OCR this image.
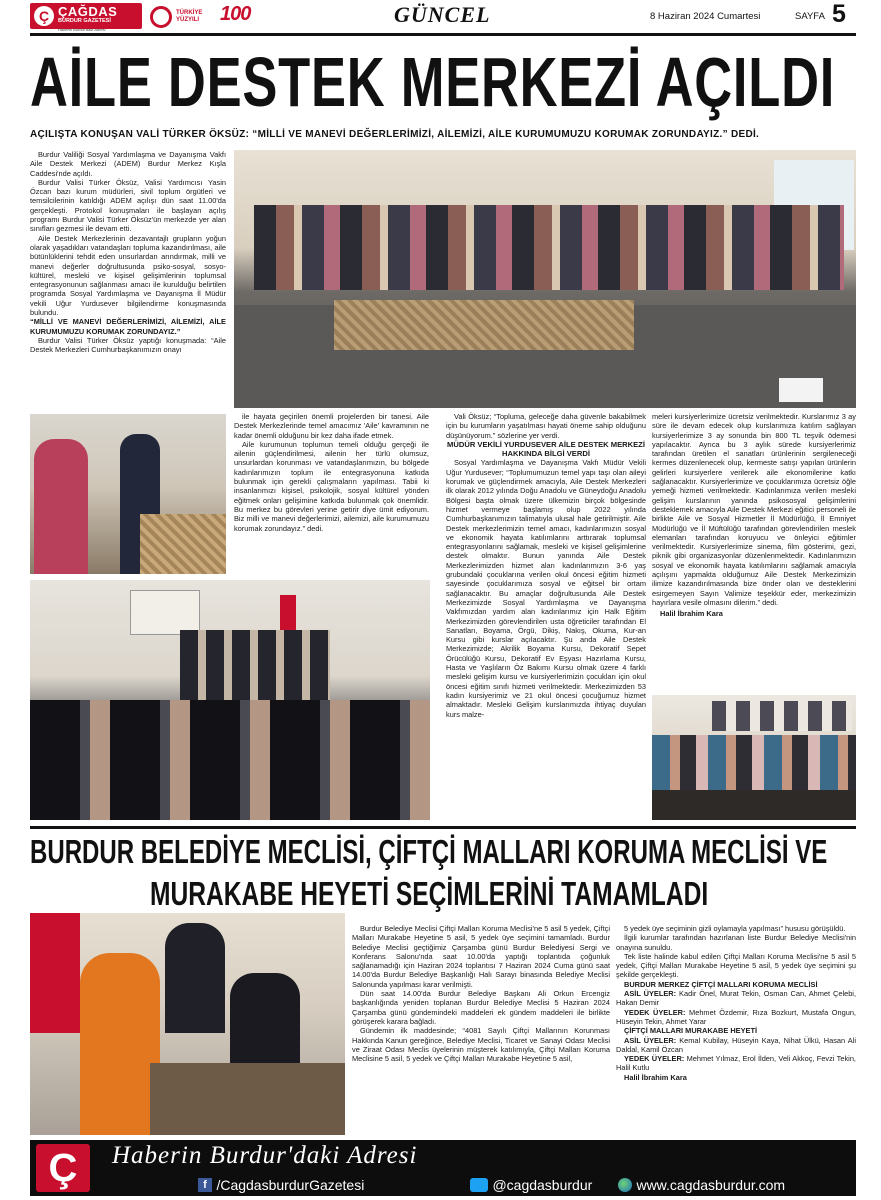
Ç ÇAĞDAS
BURDUR GAZETESİ
Haberin Burdur'daki Adresi
TÜRKİYE YÜZYILI	100	GÜNCEL	8 Haziran 2024 Cumartesi	SAYFA 5
AİLE DESTEK MERKEZİ AÇILDI
AÇILIŞTA KONUŞAN VALİ TÜRKER ÖKSÜZ: “MİLLİ VE MANEVİ DEĞERLERİMİZİ, AİLEMİZİ, AİLE KURUMUMUZU KORUMAK ZORUNDAYIZ.” DEDİ.

Burdur Valiliği Sosyal Yardımlaşma ve Dayanışma Vakfı Aile Destek Merkezi (ADEM) Burdur Merkez Kışla Caddesi'nde açıldı.

Burdur Valisi Türker Öksüz, Valisi Yardımcısı Yasin Özcan bazı kurum müdürleri, sivil toplum örgütleri ve temsilcilerinin katıldığı ADEM açılışı dün saat 11.00'da gerçekleşti. Protokol konuşmaları ile başlayan açılış programı Burdur Valisi Türker Öksüz'ün merkezde yer alan sınıfları gezmesi ile devam etti.

Aile Destek Merkezlerinin dezavantajlı grupların yoğun olarak yaşadıkları vatandaşları topluma kazandırılması, aile bütünlüklerini tehdit eden unsurlardan arındırmak, milli ve manevi değerler doğrultusunda psiko-sosyal, sosyo-kültürel, mesleki ve kişisel gelişimlerinin toplumsal entegrasyonunun sağlanması amacı ile kurulduğu belirtilen programda Sosyal Yardımlaşma ve Dayanışma İl Müdür vekili Uğur Yurdusever bilgilendirme konuşmasında bulundu.

“MİLLİ VE MANEVİ DEĞERLERİMİZİ, AİLEMİZİ, AİLE KURUMUMUZU KORUMAK ZORUNDAYIZ.”

Burdur Valisi Türker Öksüz yaptığı konuşmada: “Aile Destek Merkezleri Cumhurbaşkanımızın onayı

ile hayata geçirilen önemli projelerden bir tanesi. Aile Destek Merkezlerinde temel amacımız 'Aile' kavramının ne kadar önemli olduğunu bir kez daha ifade etmek.

Aile kurumunun toplumun temeli olduğu gerçeği ile ailenin güçlendirilmesi, ailenin her türlü olumsuz, unsurlardan korunması ve vatandaşlarımızın, bu bölgede kadınlarımızın toplum ile entegrasyonuna katkıda bulunmak için gerekli çalışmaların yapılması. Tabii ki insanlarımızı kişisel, psikolojik, sosyal kültürel yönden eğitmek onları gelişimine katkıda bulunmak çok önemlidir. Bu merkez bu görevleri yerine getirir diye ümit ediyorum. Biz milli ve manevi değerlerimizi, ailemizi, aile kurumumuzu korumak zorundayız.” dedi.

Vali Öksüz; “Topluma, geleceğe daha güvenle bakabilmek için bu kurumların yaşatılması hayati öneme sahip olduğunu düşünüyorum.” sözlerine yer verdi.

MÜDÜR VEKİLİ YURDUSEVER AİLE DESTEK MERKEZİ HAKKINDA BİLGİ VERDİ

Sosyal Yardımlaşma ve Dayanışma Vakfı Müdür Vekili Uğur Yurdusever; “Toplumumuzun temel yapı taşı olan aileyi korumak ve güçlendirmek amacıyla, Aile Destek Merkezleri ilk olarak 2012 yılında Doğu Anadolu ve Güneydoğu Anadolu Bölgesi başta olmak üzere ülkemizin birçok bölgesinde hizmet vermeye başlamış olup 2022 yılında Cumhurbaşkanımızın talimatıyla ulusal hale getirilmiştir. Aile Destek merkezlerimizin temel amacı, kadınlarımızın sosyal ve ekonomik hayata katılımlarını arttırarak toplumsal entegrasyonlarını sağlamak, mesleki ve kişisel gelişimlerine destek olmaktır. Bunun yanında Aile Destek Merkezlerimizden hizmet alan kadınlarımızın 3-6 yaş grubundaki çocuklarına verilen okul öncesi eğitim hizmeti sayesinde çocuklarımıza sosyal ve eğitsel bir ortam sağlanacaktır. Bu amaçlar doğrultusunda Aile Destek Merkezimizde Sosyal Yardımlaşma ve Dayanışma Vakfımızdan yardım alan kadınlarımız için Halk Eğitim Merkezimizden görevlendirilen usta öğreticiler tarafından El Sanatları, Boyama, Örgü, Dikiş, Nakış, Okuma, Kur-an Kursu gibi kurslar açılacaktır. Şu anda Aile Destek Merkezimizde; Akrilik Boyama Kursu, Dekoratif Sepet Örücülüğü Kursu, Dekoratif Ev Eşyası Hazırlama Kursu, Hasta ve Yaşlıların Öz Bakımı Kursu olmak üzere 4 farklı mesleki gelişim kursu ve kursiyerlerimizin çocukları için okul öncesi eğitim sınıfı hizmeti verilmektedir. Merkezimizden 53 kadın kursiyerimiz ve 21 okul öncesi çocuğumuz hizmet almaktadır. Mesleki Gelişim kurslarımızda ihtiyaç duyulan kurs malze-

meleri kursiyerlerimize ücretsiz verilmektedir. Kurslarımız 3 ay süre ile devam edecek olup kurslarımıza katılım sağlayan kursiyerlerimize 3 ay sonunda bin 800 TL teşvik ödemesi yapılacaktır. Ayrıca bu 3 aylık sürede kursiyerlerimiz tarafından üretilen el sanatları ürünlerinin sergileneceği kermes düzenlenecek olup, kermeste satışı yapılan ürünlerin gelirleri kursiyerlere verilerek aile ekonomilerine katkı sağlanacaktır. Kursiyerlerimize ve çocuklarımıza ücretsiz öğle yemeği hizmeti verilmektedir. Kadınlarımıza verilen mesleki gelişim kurslarının yanında psikososyal gelişimlerini desteklemek amacıyla Aile Destek Merkezi eğitici personeli ile birlikte Aile ve Sosyal Hizmetler İl Müdürlüğü, İl Emniyet Müdürlüğü ve İl Müftülüğü tarafından görevlendirilen meslek elemanları tarafından koruyucu ve önleyici eğitimler verilmektedir. Kursiyerlerimize sinema, film gösterimi, gezi, piknik gibi organizasyonlar düzenlenmektedir. Kadınlarımızın sosyal ve ekonomik hayata katılımlarını sağlamak amacıyla açılışını yapmakta olduğumuz Aile Destek Merkezimizin ilimize kazandırılmasında bize önder olan ve desteklerini esirgemeyen Sayın Valimize teşekkür eder, merkezimizin hayırlara vesile olmasını dilerim.” dedi.

Halil İbrahim Kara

BURDUR BELEDİYE MECLİSİ, ÇİFTÇİ MALLARI KORUMA MECLİSİ VE
MURAKABE HEYETİ SEÇİMLERİNİ TAMAMLADI

Burdur Belediye Meclisi Çiftçi Malları Koruma Meclisi'ne 5 asil 5 yedek, Çiftçi Malları Murakabe Heyetine 5 asil, 5 yedek üye seçimini tamamladı. Burdur Belediye Meclisi geçtiğimiz Çarşamba günü Burdur Belediyesi Sergi ve Konferans Salonu'nda saat 10.00'da yaptığı toplantıda çoğunluk sağlanamadığı için Haziran 2024 toplantısı 7 Haziran 2024 Cuma günü saat 14.00'da Burdur Belediye Başkanlığı Halı Sarayı binasında Belediye Meclisi Salonunda yapılması karar verilmişti.

Dün saat 14.00'da Burdur Belediye Başkanı Ali Orkun Ercengiz başkanlığında yeniden toplanan Burdur Belediye Meclisi 5 Haziran 2024 Çarşamba günü gündemindeki maddeleri ek gündem maddeleri ile birlikte görüşerek karara bağladı.

Gündemin ilk maddesinde; “4081 Sayılı Çiftçi Mallarının Korunması Hakkında Kanun gereğince, Belediye Meclisi, Ticaret ve Sanayi Odası Meclisi ve Ziraat Odası Meclis üyelerinin müşterek katılımıyla, Çiftçi Malları Koruma Meclisine 5 asil, 5 yedek ve Çiftçi Malları Murakabe Heyetine 5 asil,

5 yedek üye seçiminin gizli oylamayla yapılması” hususu görüşüldü.

İlgili kurumlar tarafından hazırlanan liste Burdur Belediye Meclisi'nin onayına sunuldu.

Tek liste halinde kabul edilen Çiftçi Malları Koruma Meclisi'ne 5 asil 5 yedek, Çiftçi Malları Murakabe Heyetine 5 asil, 5 yedek üye seçimini şu şekilde gerçekleşti.

BURDUR MERKEZ ÇİFTÇİ MALLARI KORUMA MECLİSİ

ASİL ÜYELER: Kadir Önel, Murat Tekin, Osman Can, Ahmet Çelebi, Hakan Demir

YEDEK ÜYELER: Mehmet Özdemir, Rıza Bozkurt, Mustafa Ongun, Hüseyin Tekin, Ahmet Yarar

ÇİFTÇİ MALLARI MURAKABE HEYETİ

ASİL ÜYELER: Kemal Kubilay, Hüseyin Kaya, Nihat Ülkü, Hasan Ali Daldal, Kamil Özcan

YEDEK ÜYELER: Mehmet Yılmaz, Erol İlden, Veli Akkoç, Fevzi Tekin, Halil Kutlu

Halil İbrahim Kara

Ç	Haberin Burdur'daki Adresi
f /CagdasburdurGazetesi	@cagdasburdur	www.cagdasburdur.com
